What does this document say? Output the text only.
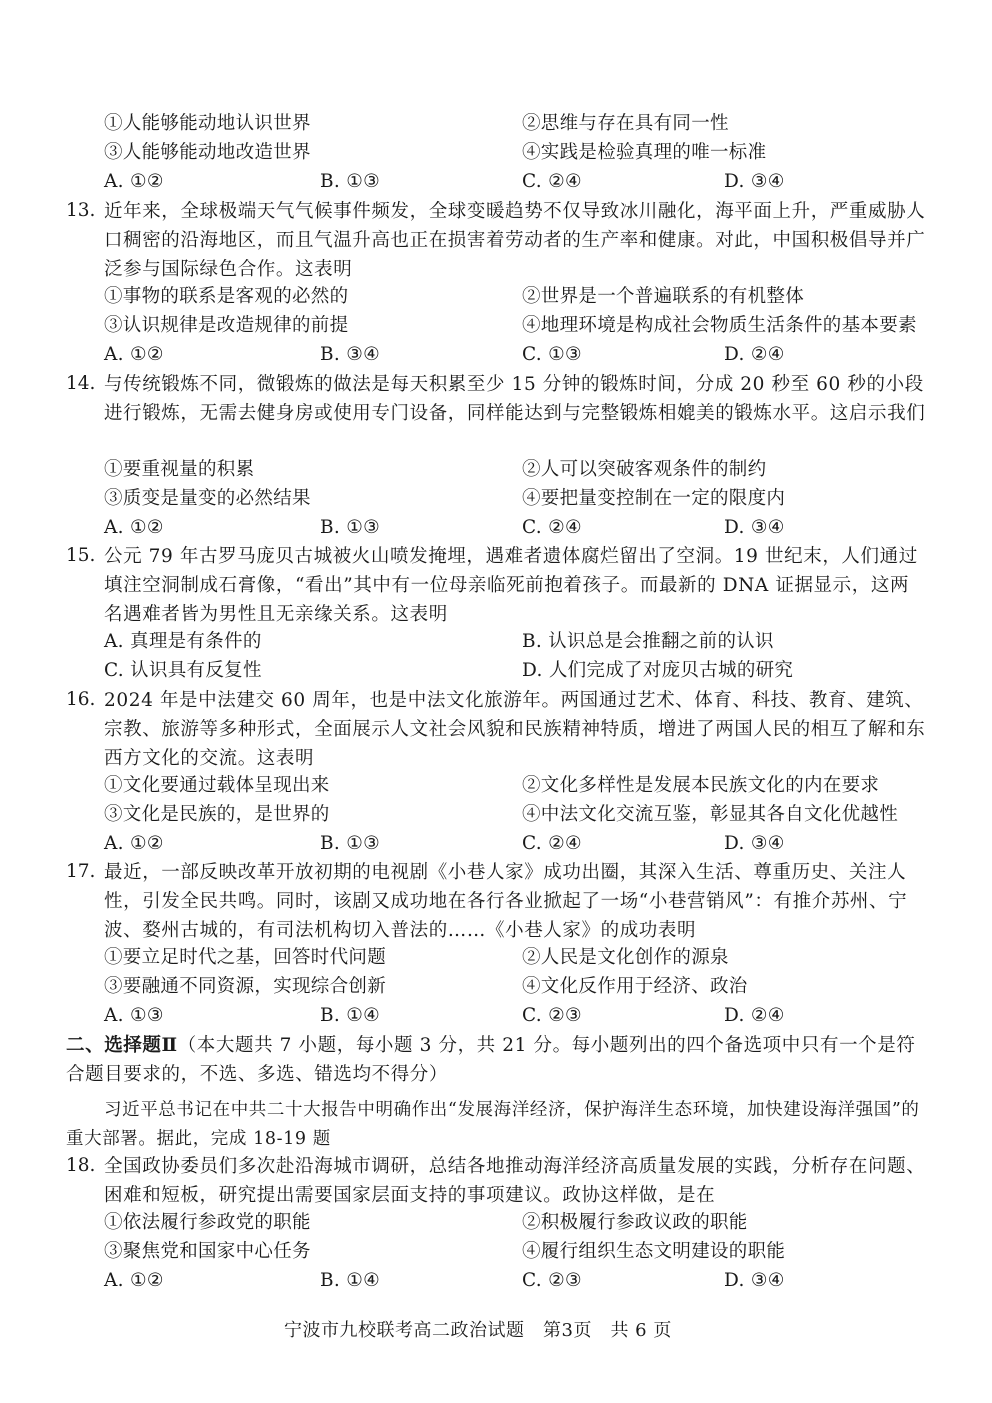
①人能够能动地认识世界	②思维与存在具有同一性
③人能够能动地改造世界	④实践是检验真理的唯一标准
A. ①②	B. ①③	C. ②④	D. ③④
13. 近年来，全球极端天气气候事件频发，全球变暖趋势不仅导致冰川融化，海平面上升，严重威胁人口稠密的沿海地区，而且气温升高也正在损害着劳动者的生产率和健康。对此，中国积极倡导并广泛参与国际绿色合作。这表明
①事物的联系是客观的必然的	②世界是一个普遍联系的有机整体
③认识规律是改造规律的前提	④地理环境是构成社会物质生活条件的基本要素
A. ①②	B. ③④	C. ①③	D. ②④
14. 与传统锻炼不同，微锻炼的做法是每天积累至少 15 分钟的锻炼时间，分成 20 秒至 60 秒的小段进行锻炼，无需去健身房或使用专门设备，同样能达到与完整锻炼相媲美的锻炼水平。这启示我们
①要重视量的积累	②人可以突破客观条件的制约
③质变是量变的必然结果	④要把量变控制在一定的限度内
A. ①②	B. ①③	C. ②④	D. ③④
15. 公元 79 年古罗马庞贝古城被火山喷发掩埋，遇难者遗体腐烂留出了空洞。19 世纪末，人们通过填注空洞制成石膏像，“看出”其中有一位母亲临死前抱着孩子。而最新的 DNA 证据显示，这两名遇难者皆为男性且无亲缘关系。这表明
A. 真理是有条件的	B. 认识总是会推翻之前的认识
C. 认识具有反复性	D. 人们完成了对庞贝古城的研究
16. 2024 年是中法建交 60 周年，也是中法文化旅游年。两国通过艺术、体育、科技、教育、建筑、宗教、旅游等多种形式，全面展示人文社会风貌和民族精神特质，增进了两国人民的相互了解和东西方文化的交流。这表明
①文化要通过载体呈现出来	②文化多样性是发展本民族文化的内在要求
③文化是民族的，是世界的	④中法文化交流互鉴，彰显其各自文化优越性
A. ①②	B. ①③	C. ②④	D. ③④
17. 最近，一部反映改革开放初期的电视剧《小巷人家》成功出圈，其深入生活、尊重历史、关注人性，引发全民共鸣。同时，该剧又成功地在各行各业掀起了一场“小巷营销风”：有推介苏州、宁波、婺州古城的，有司法机构切入普法的……《小巷人家》的成功表明
①要立足时代之基，回答时代问题	②人民是文化创作的源泉
③要融通不同资源，实现综合创新	④文化反作用于经济、政治
A. ①③	B. ①④	C. ②③	D. ②④
二、选择题Ⅱ（本大题共 7 小题，每小题 3 分，共 21 分。每小题列出的四个备选项中只有一个是符合题目要求的，不选、多选、错选均不得分）
习近平总书记在中共二十大报告中明确作出“发展海洋经济，保护海洋生态环境，加快建设海洋强国”的重大部署。据此，完成 18-19 题
18. 全国政协委员们多次赴沿海城市调研，总结各地推动海洋经济高质量发展的实践，分析存在问题、困难和短板，研究提出需要国家层面支持的事项建议。政协这样做，是在
①依法履行参政党的职能	②积极履行参政议政的职能
③聚焦党和国家中心任务	④履行组织生态文明建设的职能
A. ①②	B. ①④	C. ②③	D. ③④
宁波市九校联考高二政治试题　第3页　共 6 页
